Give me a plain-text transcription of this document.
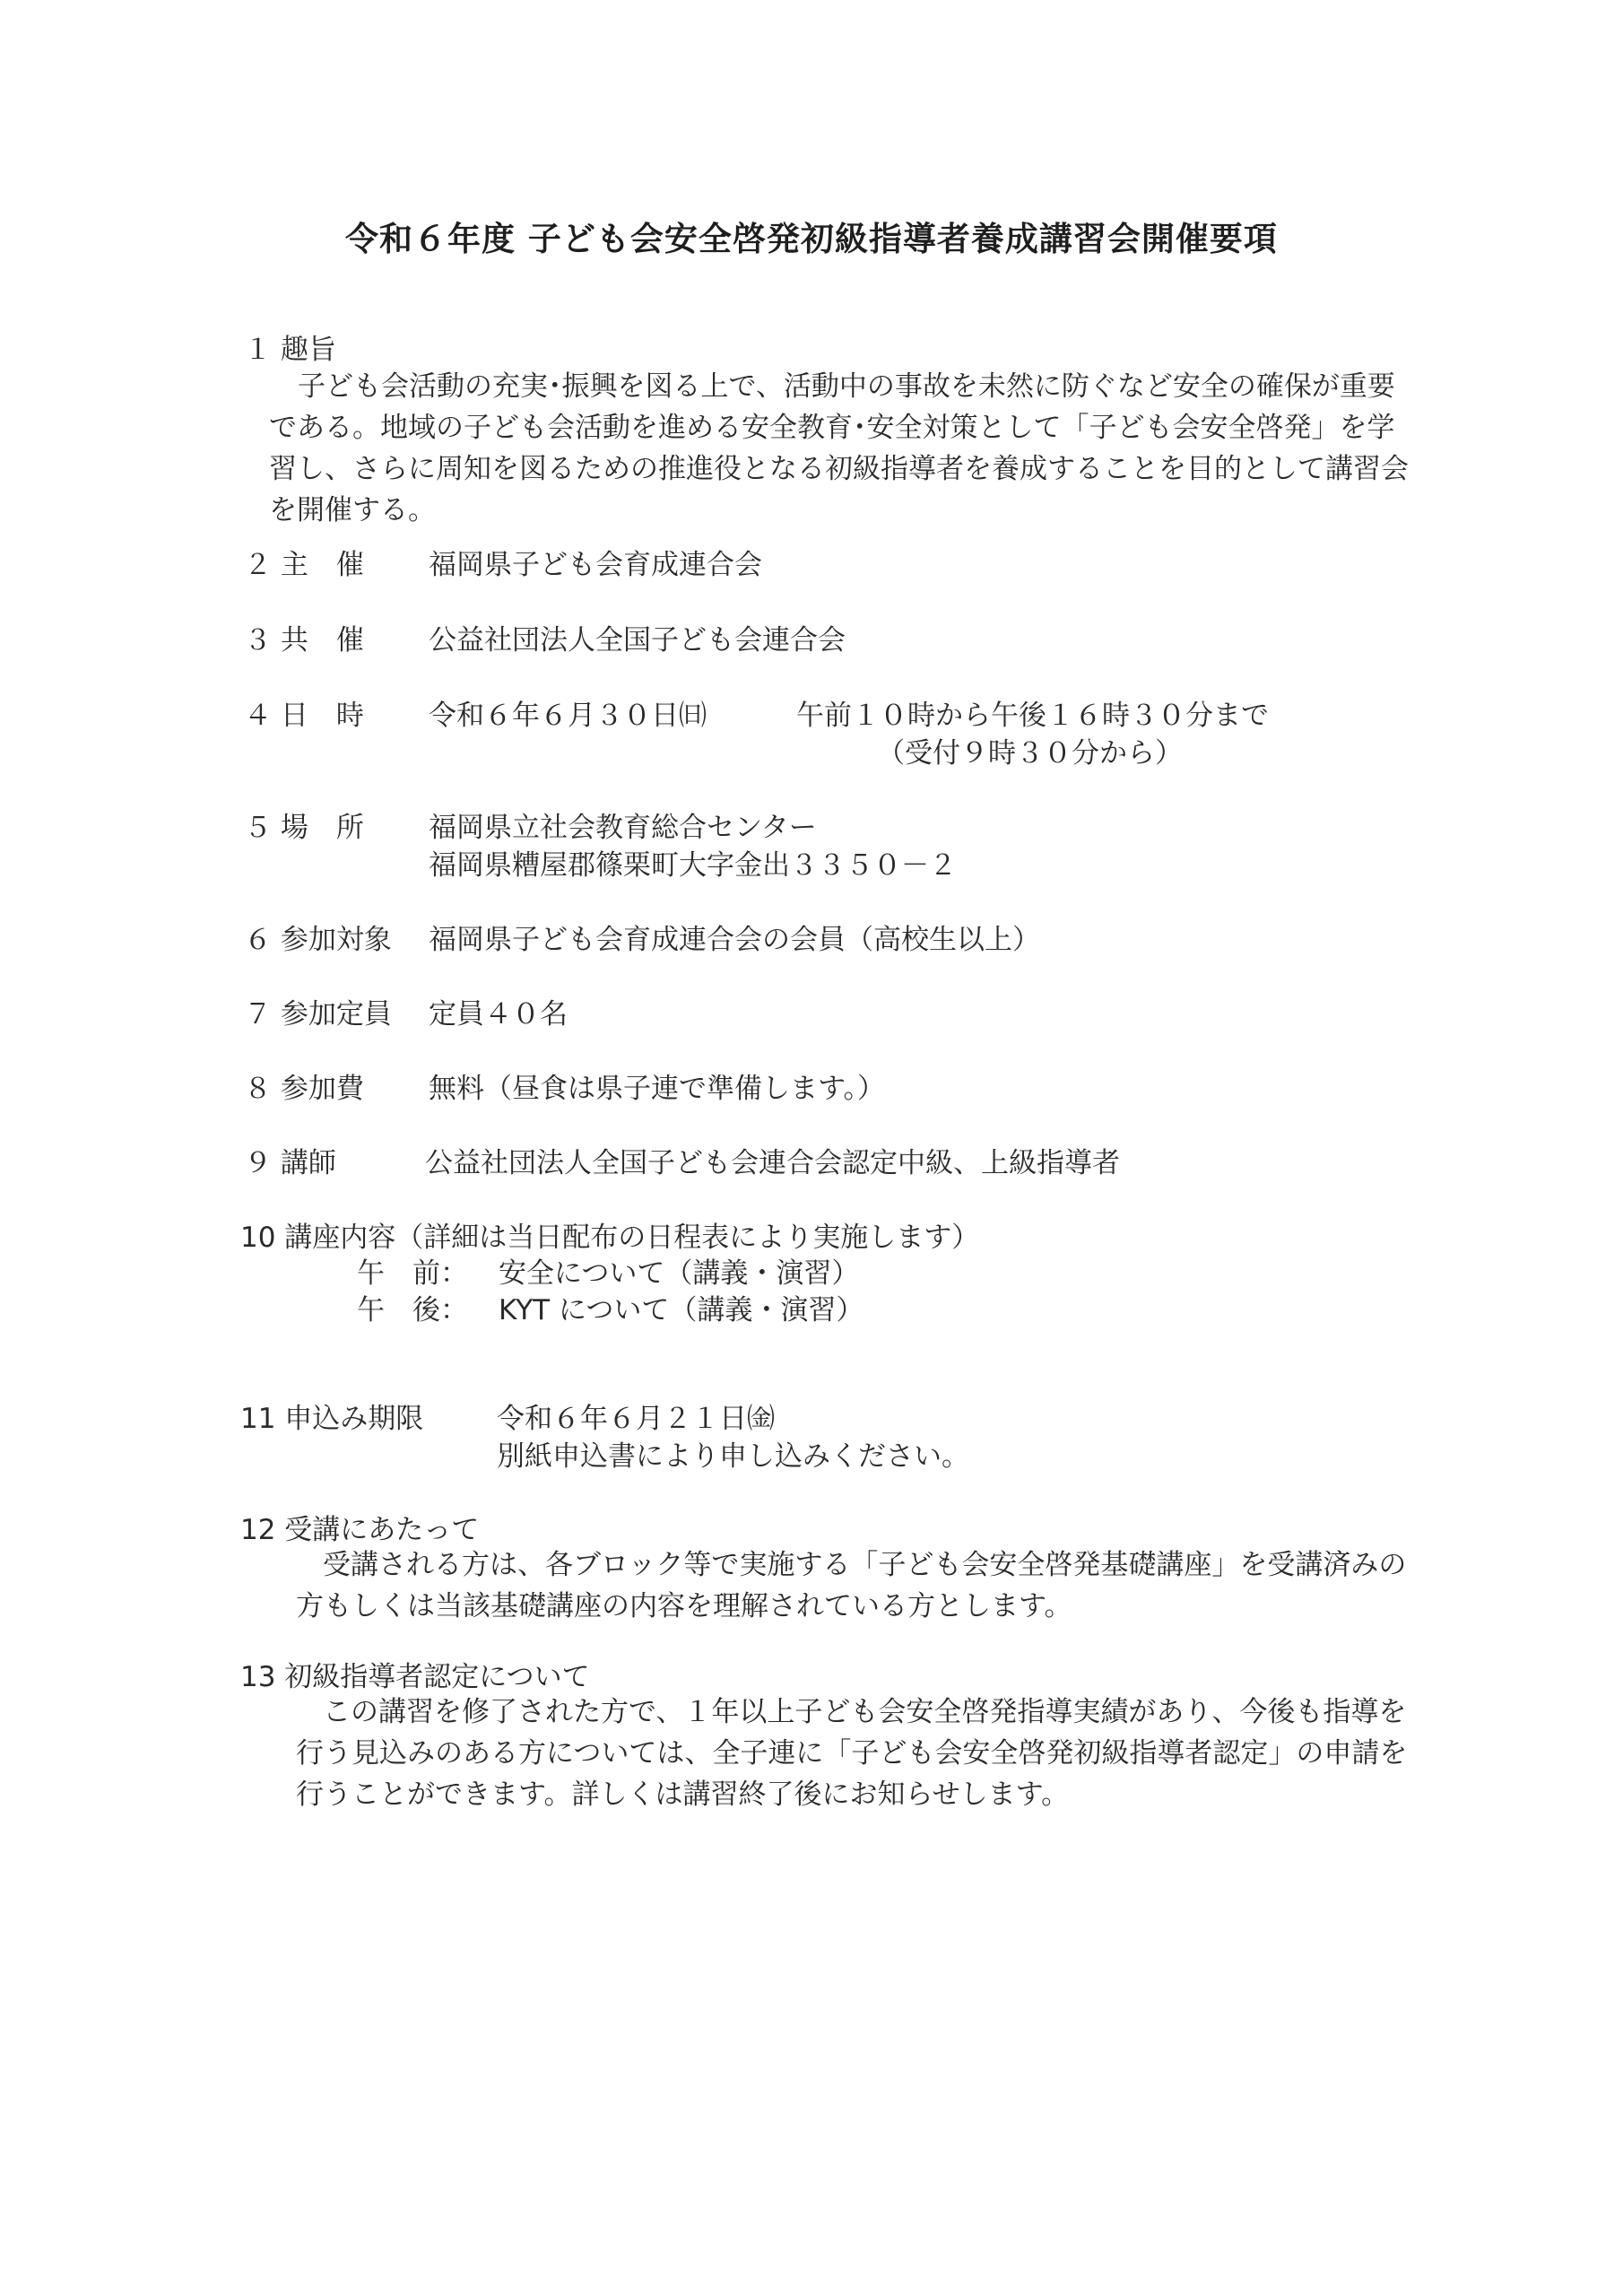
令和６年度 子ども会安全啓発初級指導者養成講習会開催要項
１ 趣旨
子ども会活動の充実･振興を図る上で、活動中の事故を未然に防ぐなど安全の確保が重要
である。地域の子ども会活動を進める安全教育･安全対策として「子ども会安全啓発」を学
習し、さらに周知を図るための推進役となる初級指導者を養成することを目的として講習会
を開催する。
２ 主　催 福岡県子ども会育成連合会
３ 共　催 公益社団法人全国子ども会連合会
４ 日　時 令和６年６月３０日㈰	午前１０時から午後１６時３０分まで
（受付９時３０分から）
５ 場　所 福岡県立社会教育総合センター
福岡県糟屋郡篠栗町大字金出３３５０－２
６ 参加対象 福岡県子ども会育成連合会の会員（高校生以上）
７ 参加定員 定員４０名
８ 参加費 無料（昼食は県子連で準備します。）
９ 講師	公益社団法人全国子ども会連合会認定中級、上級指導者
10 講座内容（詳細は当日配布の日程表により実施します）
午　前： 安全について（講義・演習）
午　後： KYT について（講義・演習）
11 申込み期限	令和６年６月２１日㈮
別紙申込書により申し込みください。
12 受講にあたって
受講される方は、各ブロック等で実施する「子ども会安全啓発基礎講座」を受講済みの
方もしくは当該基礎講座の内容を理解されている方とします。
13 初級指導者認定について
この講習を修了された方で、１年以上子ども会安全啓発指導実績があり、今後も指導を
行う見込みのある方については、全子連に「子ども会安全啓発初級指導者認定」の申請を
行うことができます。詳しくは講習終了後にお知らせします。
